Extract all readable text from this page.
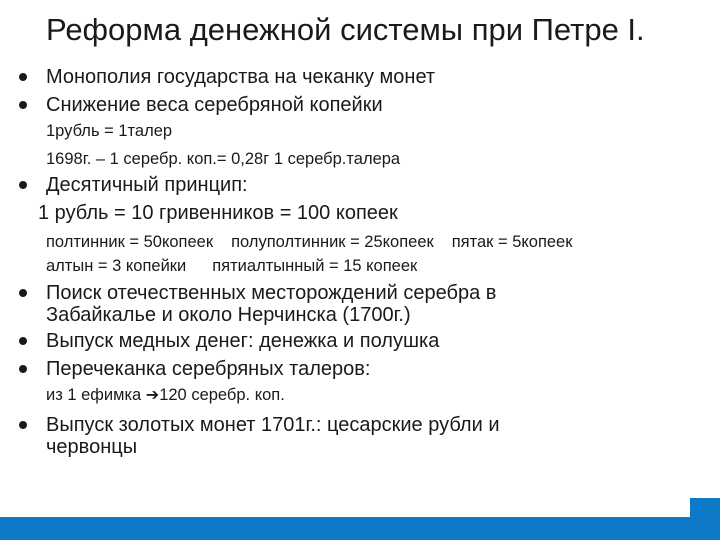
Реформа денежной системы при Петре I.
Монополия государства на чеканку монет
Снижение веса серебряной копейки
1рубль = 1талер
1698г. – 1 серебр. коп.= 0,28г 1 серебр.талера
Десятичный принцип:
1 рубль = 10 гривенников = 100 копеек
полтинник = 50копеек полуполтинник = 25копеек пятак = 5копеек
алтын = 3 копейки пятиалтынный = 15 копеек
Поиск отечественных месторождений серебра в
Забайкалье и около Нерчинска (1700г.)
Выпуск медных денег: денежка и полушка
Перечеканка серебряных талеров:
из 1 ефимка ➔120 серебр. коп.
Выпуск золотых монет 1701г.: цесарские рубли и
червонцы
